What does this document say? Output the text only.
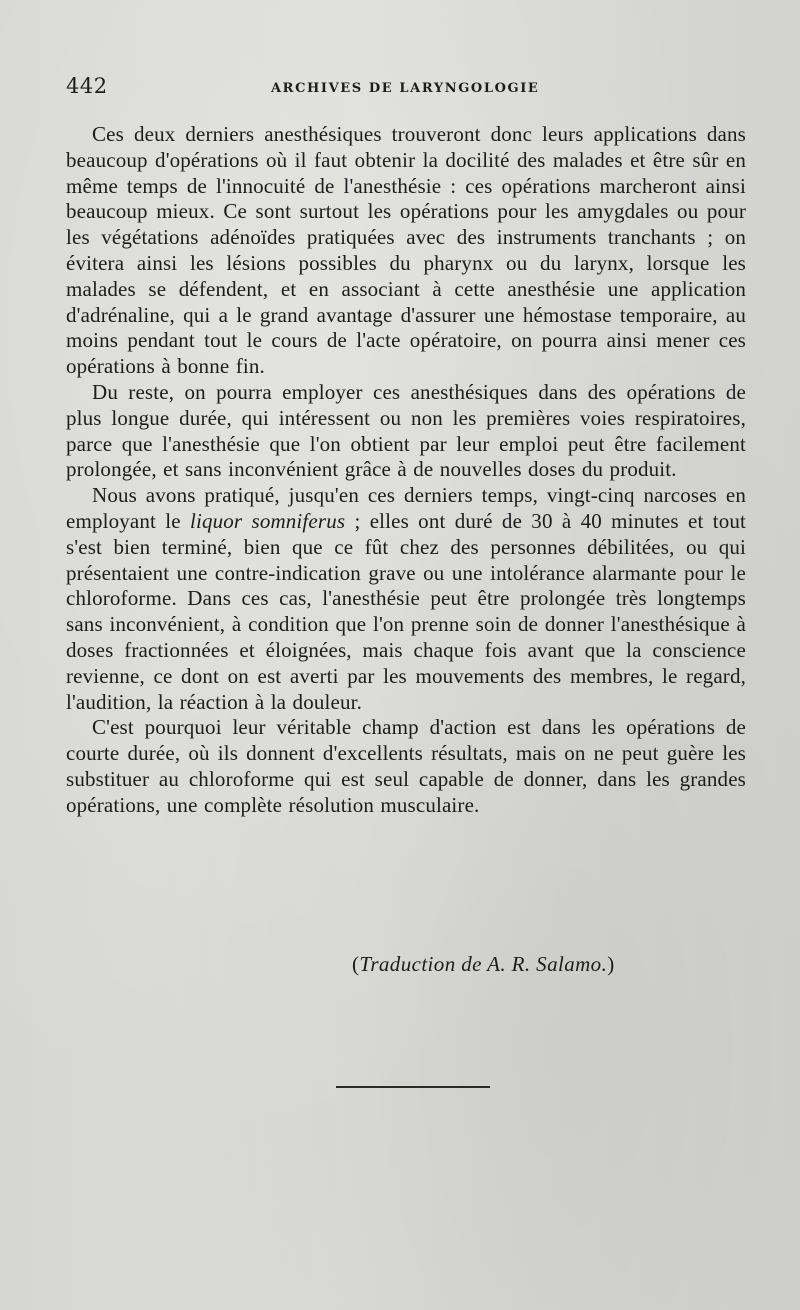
442	ARCHIVES DE LARYNGOLOGIE

Ces deux derniers anesthésiques trouveront donc leurs applications dans beaucoup d'opérations où il faut obtenir la docilité des malades et être sûr en même temps de l'innocuité de l'anesthésie : ces opérations marcheront ainsi beaucoup mieux. Ce sont surtout les opérations pour les amygdales ou pour les végétations adénoïdes pratiquées avec des instruments tranchants ; on évitera ainsi les lésions possibles du pharynx ou du larynx, lorsque les malades se défendent, et en associant à cette anesthésie une application d'adrénaline, qui a le grand avantage d'assurer une hémostase temporaire, au moins pendant tout le cours de l'acte opératoire, on pourra ainsi mener ces opérations à bonne fin.

Du reste, on pourra employer ces anesthésiques dans des opérations de plus longue durée, qui intéressent ou non les premières voies respiratoires, parce que l'anesthésie que l'on obtient par leur emploi peut être facilement prolongée, et sans inconvénient grâce à de nouvelles doses du produit.

Nous avons pratiqué, jusqu'en ces derniers temps, vingt-cinq narcoses en employant le liquor somniferus ; elles ont duré de 30 à 40 minutes et tout s'est bien terminé, bien que ce fût chez des personnes débilitées, ou qui présentaient une contre-indication grave ou une intolérance alarmante pour le chloroforme. Dans ces cas, l'anesthésie peut être prolongée très longtemps sans inconvénient, à condition que l'on prenne soin de donner l'anesthésique à doses fractionnées et éloignées, mais chaque fois avant que la conscience revienne, ce dont on est averti par les mouvements des membres, le regard, l'audition, la réaction à la douleur.

C'est pourquoi leur véritable champ d'action est dans les opérations de courte durée, où ils donnent d'excellents résultats, mais on ne peut guère les substituer au chloroforme qui est seul capable de donner, dans les grandes opérations, une complète résolution musculaire.

(Traduction de A. R. Salamo.)
